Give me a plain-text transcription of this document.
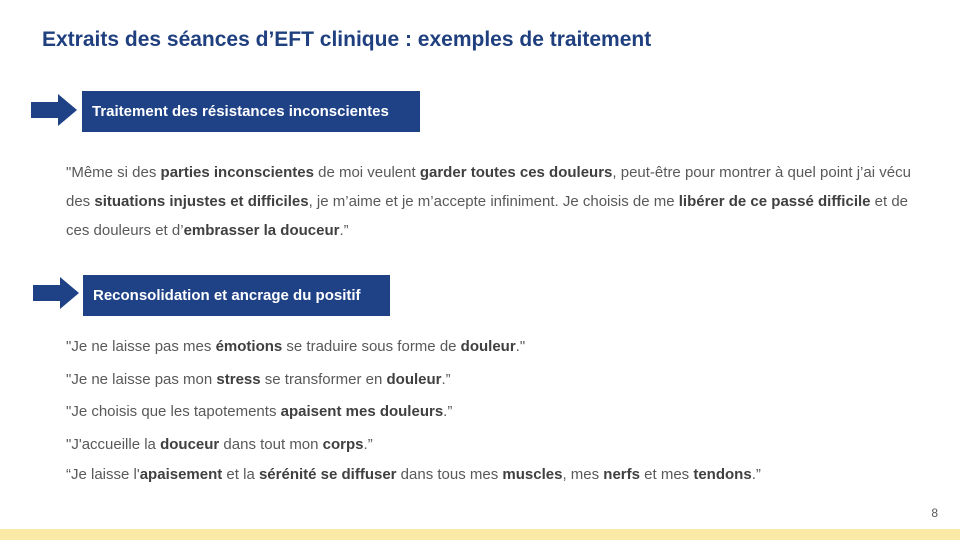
Extraits des séances d’EFT clinique : exemples de traitement
Traitement des résistances inconscientes

"Même si des parties inconscientes de moi veulent garder toutes ces douleurs, peut-être pour montrer à quel point j’ai vécu des situations injustes et difficiles, je m’aime et je m’accepte infiniment. Je choisis de me libérer de ce passé difficile et de ces douleurs et d’embrasser la douceur.”

Reconsolidation et ancrage du positif

"Je ne laisse pas mes émotions se traduire sous forme de douleur."

"Je ne laisse pas mon stress se transformer en douleur.”

"Je choisis que les tapotements apaisent mes douleurs.”

"J'accueille la douceur dans tout mon corps.”

“Je laisse l'apaisement et la sérénité se diffuser dans tous mes muscles, mes nerfs et mes tendons.”

8
